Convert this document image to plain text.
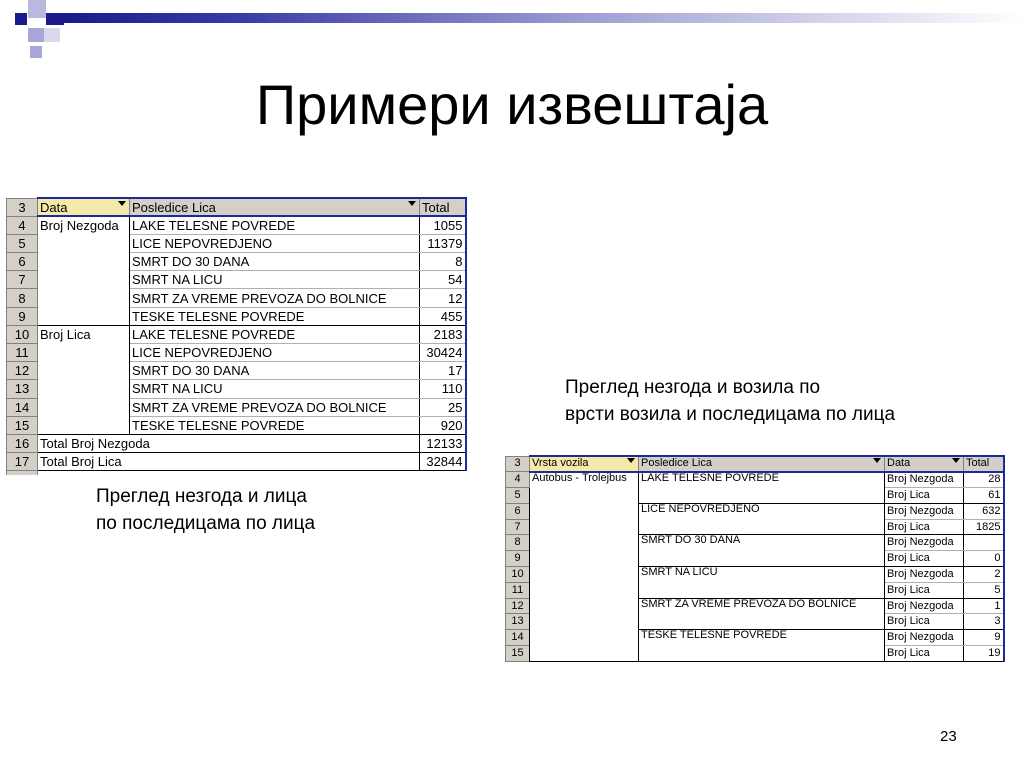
Примери извештаја
3	Data	Posledice Lica	Total
4	Broj Nezgoda	LAKE TELESNE POVREDE	1055
5		LICE NEPOVREDJENO	11379
6		SMRT DO 30 DANA	8
7		SMRT NA LICU	54
8		SMRT ZA VREME PREVOZA DO BOLNICE	12
9		TESKE TELESNE POVREDE	455
10	Broj Lica	LAKE TELESNE POVREDE	2183
11		LICE NEPOVREDJENO	30424
12		SMRT DO 30 DANA	17
13		SMRT NA LICU	110
14		SMRT ZA VREME PREVOZA DO BOLNICE	25
15		TESKE TELESNE POVREDE	920
16	Total Broj Nezgoda		12133
17	Total Broj Lica		32844

Преглед незгода и возила по
врсти возила и последицама по лица
Преглед незгода и лица
по последицама по лица
3	Vrsta vozila	Posledice Lica	Data	Total
4	Autobus - Trolejbus	LAKE TELESNE POVREDE	Broj Nezgoda	28
5			Broj Lica	61
6		LICE NEPOVREDJENO	Broj Nezgoda	632
7			Broj Lica	1825
8		SMRT DO 30 DANA	Broj Nezgoda	
9			Broj Lica	0
10		SMRT NA LICU	Broj Nezgoda	2
11			Broj Lica	5
12		SMRT ZA VREME PREVOZA DO BOLNICE	Broj Nezgoda	1
13			Broj Lica	3
14		TESKE TELESNE POVREDE	Broj Nezgoda	9
15			Broj Lica	19
23
